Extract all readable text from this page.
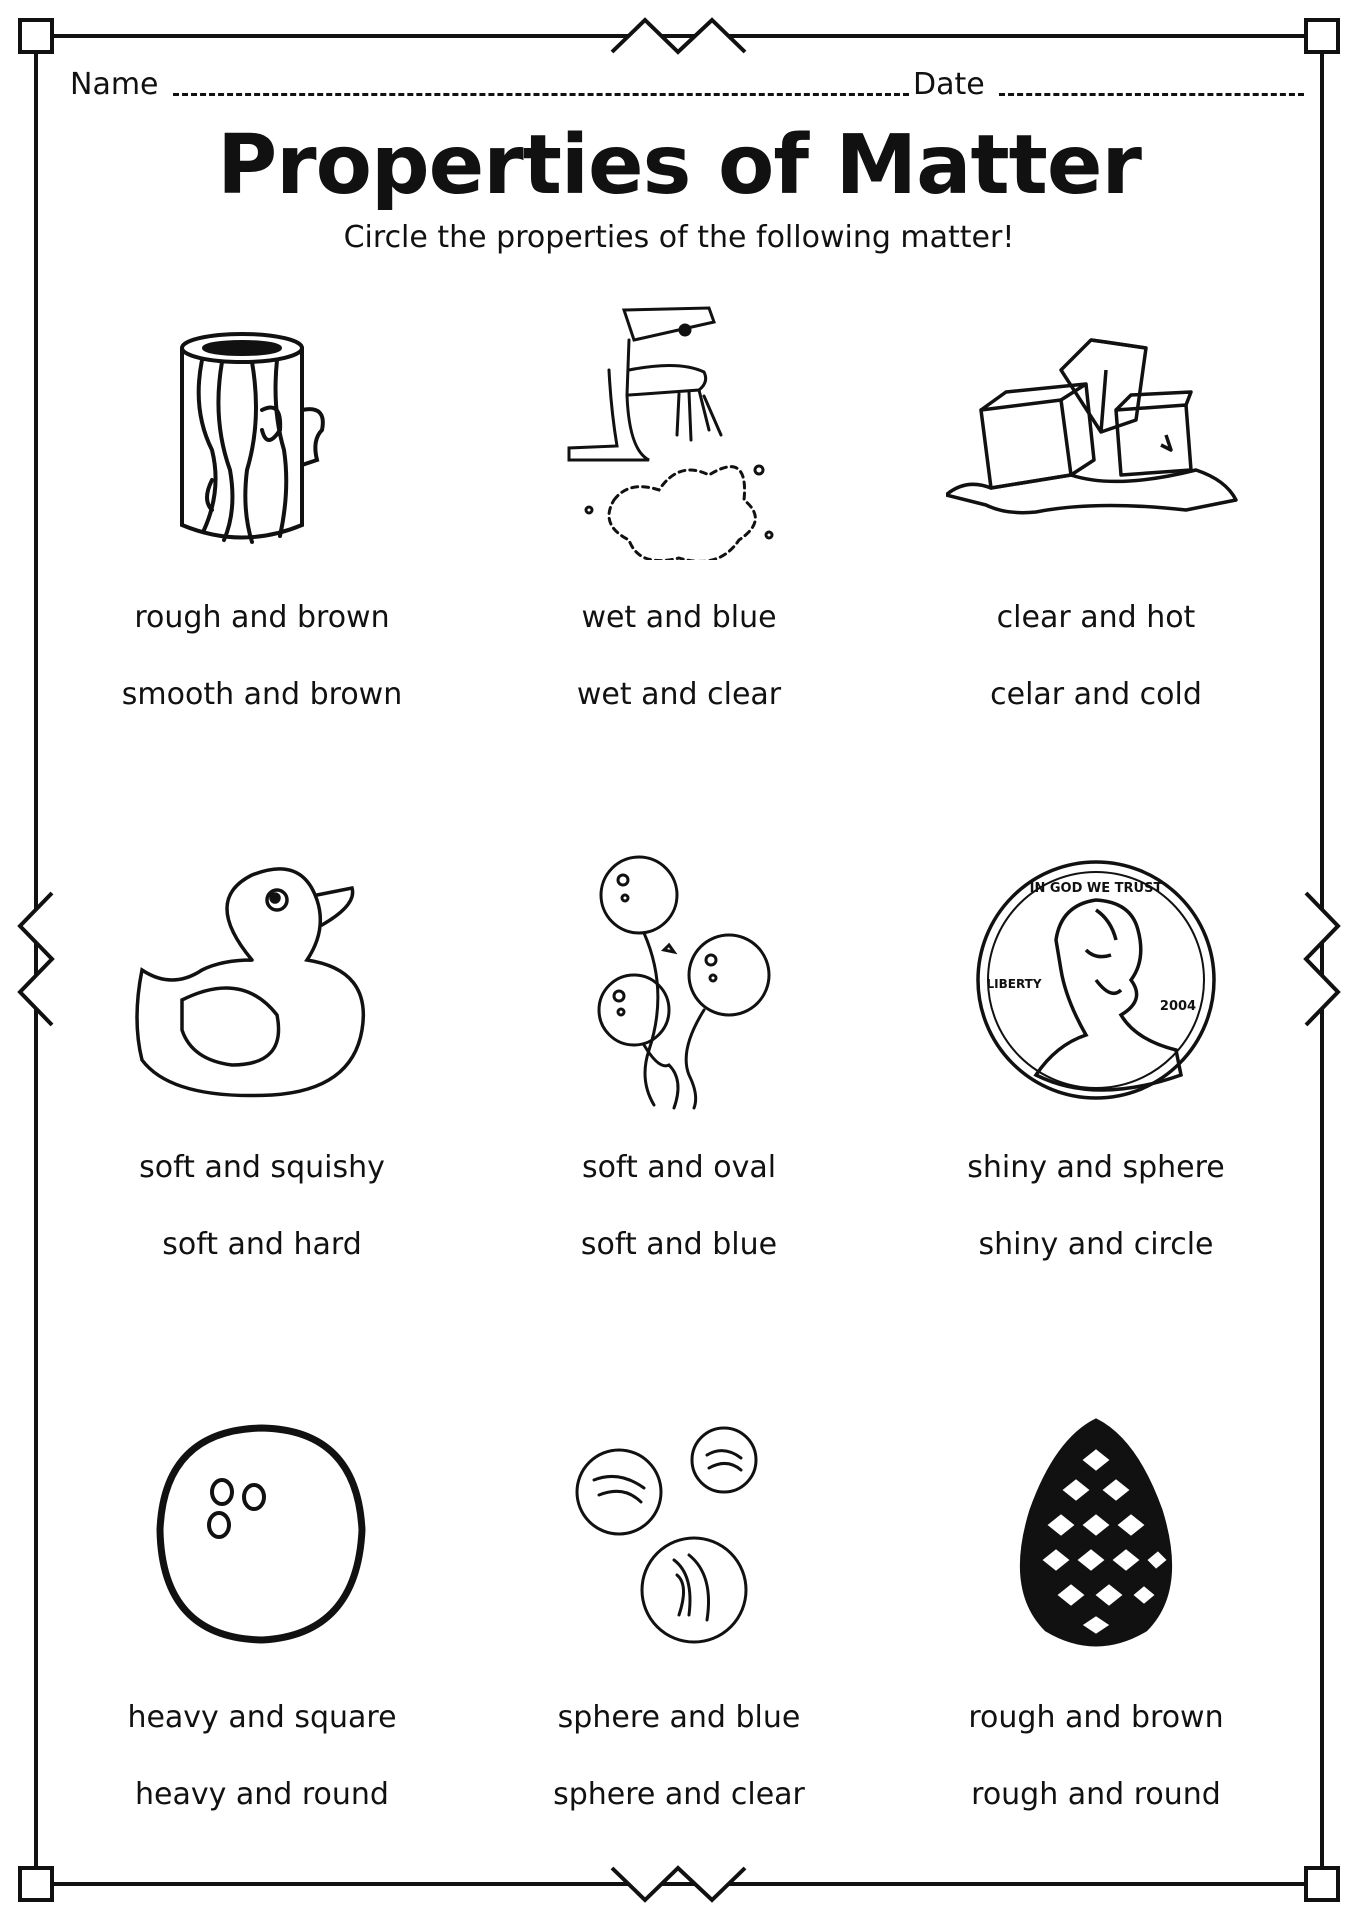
Name	Date
Properties of Matter
Circle the properties of the following matter!
rough and brown
smooth and brown
wet and blue
wet and clear
clear and hot
celar and cold
soft and squishy
soft and hard
soft and oval
soft and blue
IN GOD WE TRUST
LIBERTY
2004
shiny and sphere
shiny and circle
heavy and square
heavy and round
sphere and blue
sphere and clear
rough and brown
rough and round
